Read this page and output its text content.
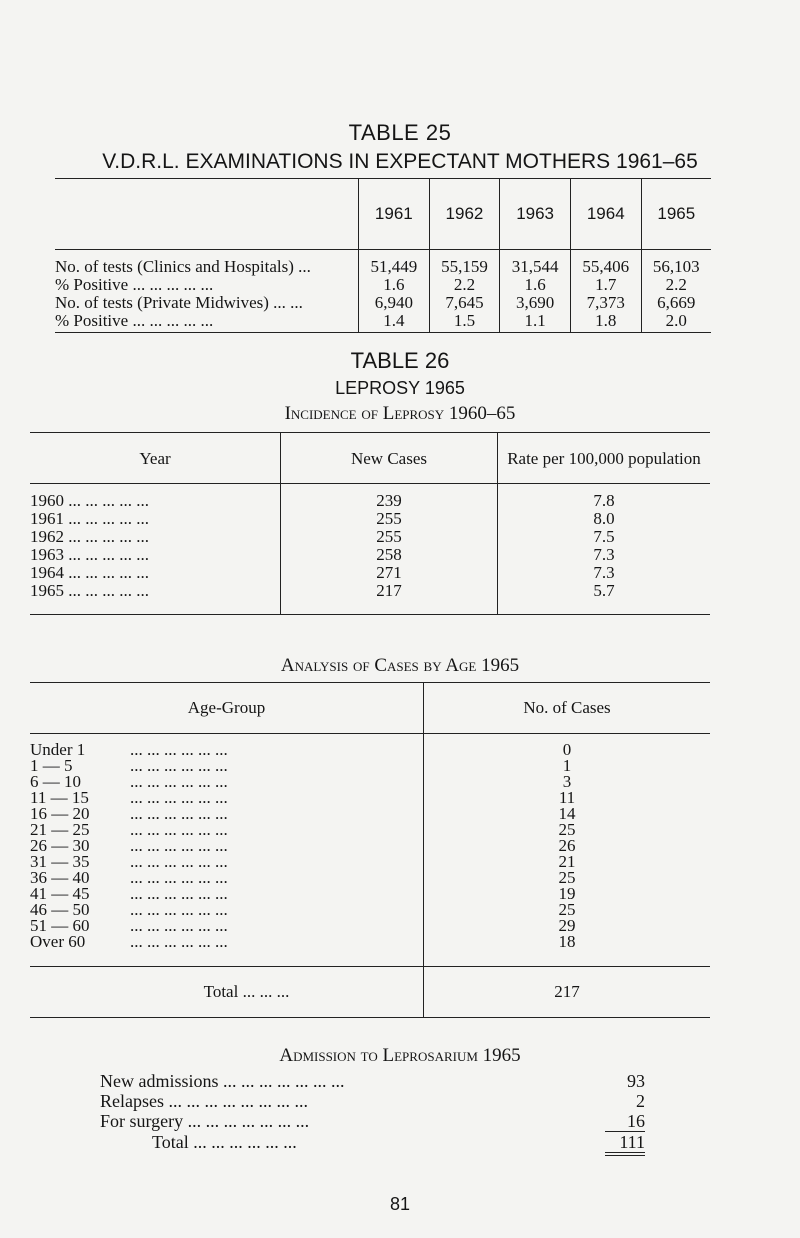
TABLE 25
V.D.R.L. EXAMINATIONS IN EXPECTANT MOTHERS 1961–65
	1961	1962	1963	1964	1965
No. of tests (Clinics and Hospitals) ...	51,449	55,159	31,544	55,406	56,103
% Positive ... ... ... ... ...	1.6	2.2	1.6	1.7	2.2
No. of tests (Private Midwives) ... ...	6,940	7,645	3,690	7,373	6,669
% Positive ... ... ... ... ...	1.4	1.5	1.1	1.8	2.0
TABLE 26
LEPROSY 1965
Incidence of Leprosy 1960–65
Year	New Cases	Rate per 100,000 population
1960 ... ... ... ... ...	239	7.8
1961 ... ... ... ... ...	255	8.0
1962 ... ... ... ... ...	255	7.5
1963 ... ... ... ... ...	258	7.3
1964 ... ... ... ... ...	271	7.3
1965 ... ... ... ... ...	217	5.7
Analysis of Cases by Age 1965
Age-Group	No. of Cases
Under 1 ... ... ... ... ... ...	0
1 — 5 ... ... ... ... ... ...	1
6 — 10 ... ... ... ... ... ...	3
11 — 15 ... ... ... ... ... ...	11
16 — 20 ... ... ... ... ... ...	14
21 — 25 ... ... ... ... ... ...	25
26 — 30 ... ... ... ... ... ...	26
31 — 35 ... ... ... ... ... ...	21
36 — 40 ... ... ... ... ... ...	25
41 — 45 ... ... ... ... ... ...	19
46 — 50 ... ... ... ... ... ...	25
51 — 60 ... ... ... ... ... ...	29
Over 60 ... ... ... ... ... ...	18
Total ... ... ...	217
Admission to Leprosarium 1965
New admissions ... ... ... ... ... ... ...	93
Relapses ... ... ... ... ... ... ... ...	2
For surgery ... ... ... ... ... ... ...	16
Total ... ... ... ... ... ...	111
81
